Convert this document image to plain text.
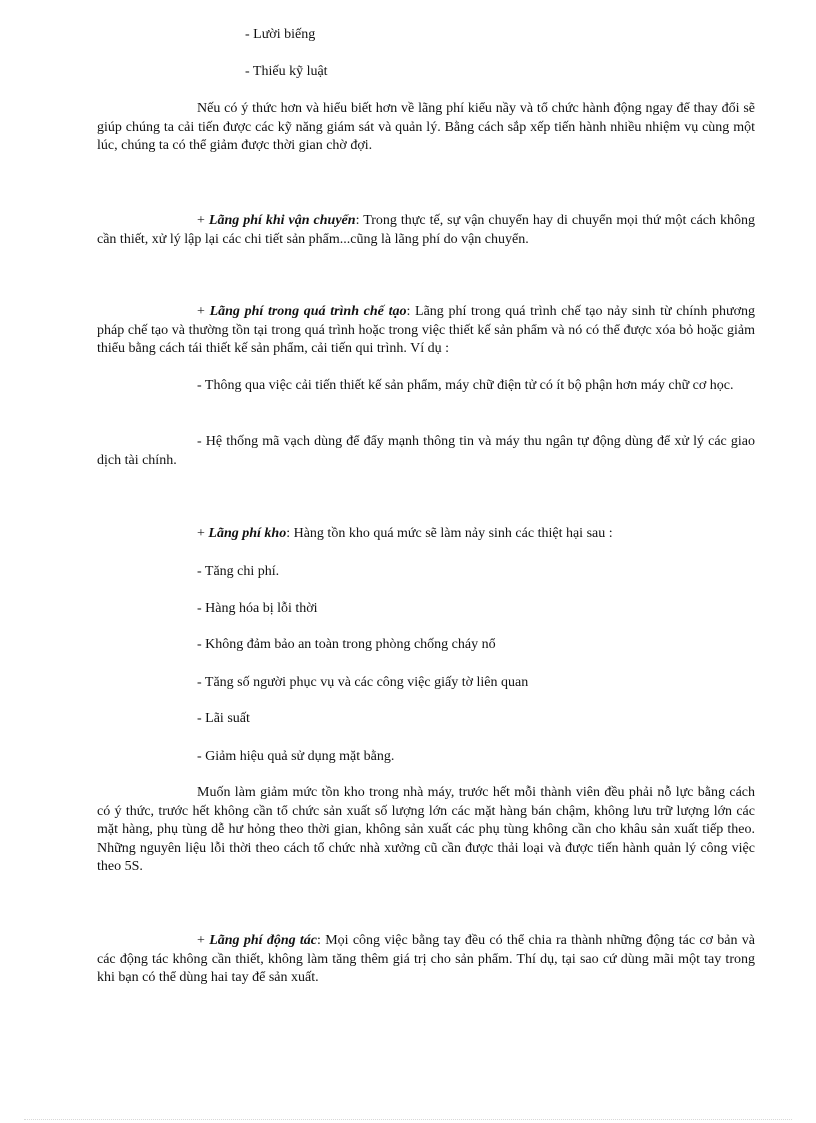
- Lười biếng

- Thiếu kỹ luật

Nếu có ý thức hơn và hiểu biết hơn về lãng phí kiểu nầy và tổ chức hành động ngay để thay đổi sẽ giúp chúng ta cải tiến được các kỹ năng giám sát và quản lý. Bằng cách sắp xếp tiến hành nhiều nhiệm vụ cùng một lúc, chúng ta có thể giảm được thời gian chờ đợi.

+ Lãng phí khi vận chuyển: Trong thực tế, sự vận chuyển hay di chuyển mọi thứ một cách không cần thiết, xử lý lập lại các chi tiết sản phẩm...cũng là lãng phí do vận chuyển.

+ Lãng phí trong quá trình chế tạo: Lãng phí trong quá trình chế tạo nảy sinh từ chính phương pháp chế tạo và thường tồn tại trong quá trình hoặc trong việc thiết kế sản phẩm và nó có thể được xóa bỏ hoặc giảm thiểu bằng cách tái thiết kế sản phẩm, cải tiến qui trình. Ví dụ :

- Thông qua việc cải tiến thiết kế sản phẩm, máy chữ điện tử có ít bộ phận hơn máy chữ cơ học.

- Hệ thống mã vạch dùng để đẩy mạnh thông tin và máy thu ngân tự động dùng để xử lý các giao dịch tài chính.

+ Lãng phí kho: Hàng tồn kho quá mức sẽ làm nảy sinh các thiệt hại sau :

- Tăng chi phí.

- Hàng hóa bị lỗi thời

- Không đảm bảo an toàn trong phòng chống cháy nổ

- Tăng số người phục vụ và các công việc giấy tờ liên quan

- Lãi suất

- Giảm hiệu quả sử dụng mặt bằng.

Muốn làm giảm mức tồn kho trong nhà máy, trước hết mỗi thành viên đều phải nỗ lực bằng cách có ý thức, trước hết không cần tổ chức sản xuất số lượng lớn các mặt hàng bán chậm, không lưu trữ lượng lớn các mặt hàng, phụ tùng dễ hư hỏng theo thời gian, không sản xuất các phụ tùng không cần cho khâu sản xuất tiếp theo. Những nguyên liệu lỗi thời theo cách tổ chức nhà xưởng cũ cần được thải loại và được tiến hành quản lý công việc theo 5S.

+ Lãng phí động tác: Mọi công việc bằng tay đều có thể chia ra thành những động tác cơ bản và các động tác không cần thiết, không làm tăng thêm giá trị cho sản phẩm. Thí dụ, tại sao cứ dùng mãi một tay trong khi bạn có thể dùng hai tay để sản xuất.
